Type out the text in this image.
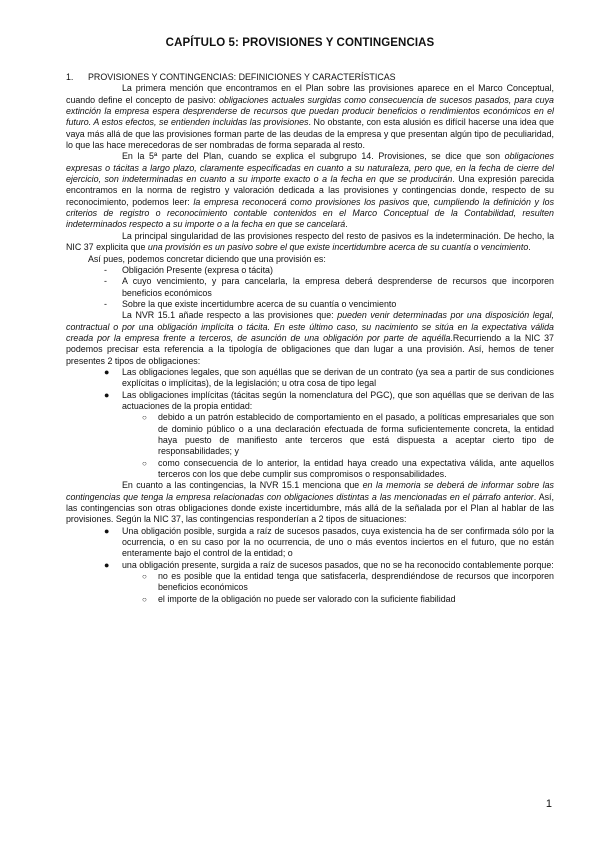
CAPÍTULO 5: PROVISIONES Y CONTINGENCIAS
1.	PROVISIONES Y CONTINGENCIAS: DEFINICIONES Y CARACTERÍSTICAS

La primera mención que encontramos en el Plan sobre las provisiones aparece en el Marco Conceptual, cuando define el concepto de pasivo: obligaciones actuales surgidas como consecuencia de sucesos pasados, para cuya extinción la empresa espera desprenderse de recursos que puedan producir beneficios o rendimientos económicos en el futuro. A estos efectos, se entienden incluidas las provisiones. No obstante, con esta alusión es difícil hacerse una idea que vaya más allá de que las provisiones forman parte de las deudas de la empresa y que presentan algún tipo de peculiaridad, lo que las hace merecedoras de ser nombradas de forma separada al resto.

En la 5ª parte del Plan, cuando se explica el subgrupo 14. Provisiones, se dice que son obligaciones expresas o tácitas a largo plazo, claramente especificadas en cuanto a su naturaleza, pero que, en la fecha de cierre del ejercicio, son indeterminadas en cuanto a su importe exacto o a la fecha en que se producirán. Una expresión parecida encontramos en la norma de registro y valoración dedicada a las provisiones y contingencias donde, respecto de su reconocimiento, podemos leer: la empresa reconocerá como provisiones los pasivos que, cumpliendo la definición y los criterios de registro o reconocimiento contable contenidos en el Marco Conceptual de la Contabilidad, resulten indeterminados respecto a su importe o a la fecha en que se cancelará.

La principal singularidad de las provisiones respecto del resto de pasivos es la indeterminación. De hecho, la NIC 37 explicita que una provisión es un pasivo sobre el que existe incertidumbre acerca de su cuantía o vencimiento.

Así pues, podemos concretar diciendo que una provisión es:

- Obligación Presente (expresa o tácita)
- A cuyo vencimiento, y para cancelarla, la empresa deberá desprenderse de recursos que incorporen beneficios económicos
- Sobre la que existe incertidumbre acerca de su cuantía o vencimiento

La NVR 15.1 añade respecto a las provisiones que: pueden venir determinadas por una disposición legal, contractual o por una obligación implícita o tácita. En este último caso, su nacimiento se sitúa en la expectativa válida creada por la empresa frente a terceros, de asunción de una obligación por parte de aquélla.Recurriendo a la NIC 37 podemos precisar esta referencia a la tipología de obligaciones que dan lugar a una provisión. Así, hemos de tener presentes 2 tipos de obligaciones:

● Las obligaciones legales, que son aquéllas que se derivan de un contrato (ya sea a partir de sus condiciones explícitas o implícitas), de la legislación; u otra cosa de tipo legal
● Las obligaciones implícitas (tácitas según la nomenclatura del PGC), que son aquéllas que se derivan de las actuaciones de la propia entidad:
○ debido a un patrón establecido de comportamiento en el pasado, a políticas empresariales que son de dominio público o a una declaración efectuada de forma suficientemente concreta, la entidad haya puesto de manifiesto ante terceros que está dispuesta a aceptar cierto tipo de responsabilidades; y
○ como consecuencia de lo anterior, la entidad haya creado una expectativa válida, ante aquellos terceros con los que debe cumplir sus compromisos o responsabilidades.

En cuanto a las contingencias, la NVR 15.1 menciona que en la memoria se deberá de informar sobre las contingencias que tenga la empresa relacionadas con obligaciones distintas a las mencionadas en el párrafo anterior. Así, las contingencias son otras obligaciones donde existe incertidumbre, más allá de la señalada por el Plan al hablar de las provisiones. Según la NIC 37, las contingencias responderían a 2 tipos de situaciones:

● Una obligación posible, surgida a raíz de sucesos pasados, cuya existencia ha de ser confirmada sólo por la ocurrencia, o en su caso por la no ocurrencia, de uno o más eventos inciertos en el futuro, que no están enteramente bajo el control de la entidad; o
● una obligación presente, surgida a raíz de sucesos pasados, que no se ha reconocido contablemente porque:
○ no es posible que la entidad tenga que satisfacerla, desprendiéndose de recursos que incorporen beneficios económicos
○ el importe de la obligación no puede ser valorado con la suficiente fiabilidad
1
